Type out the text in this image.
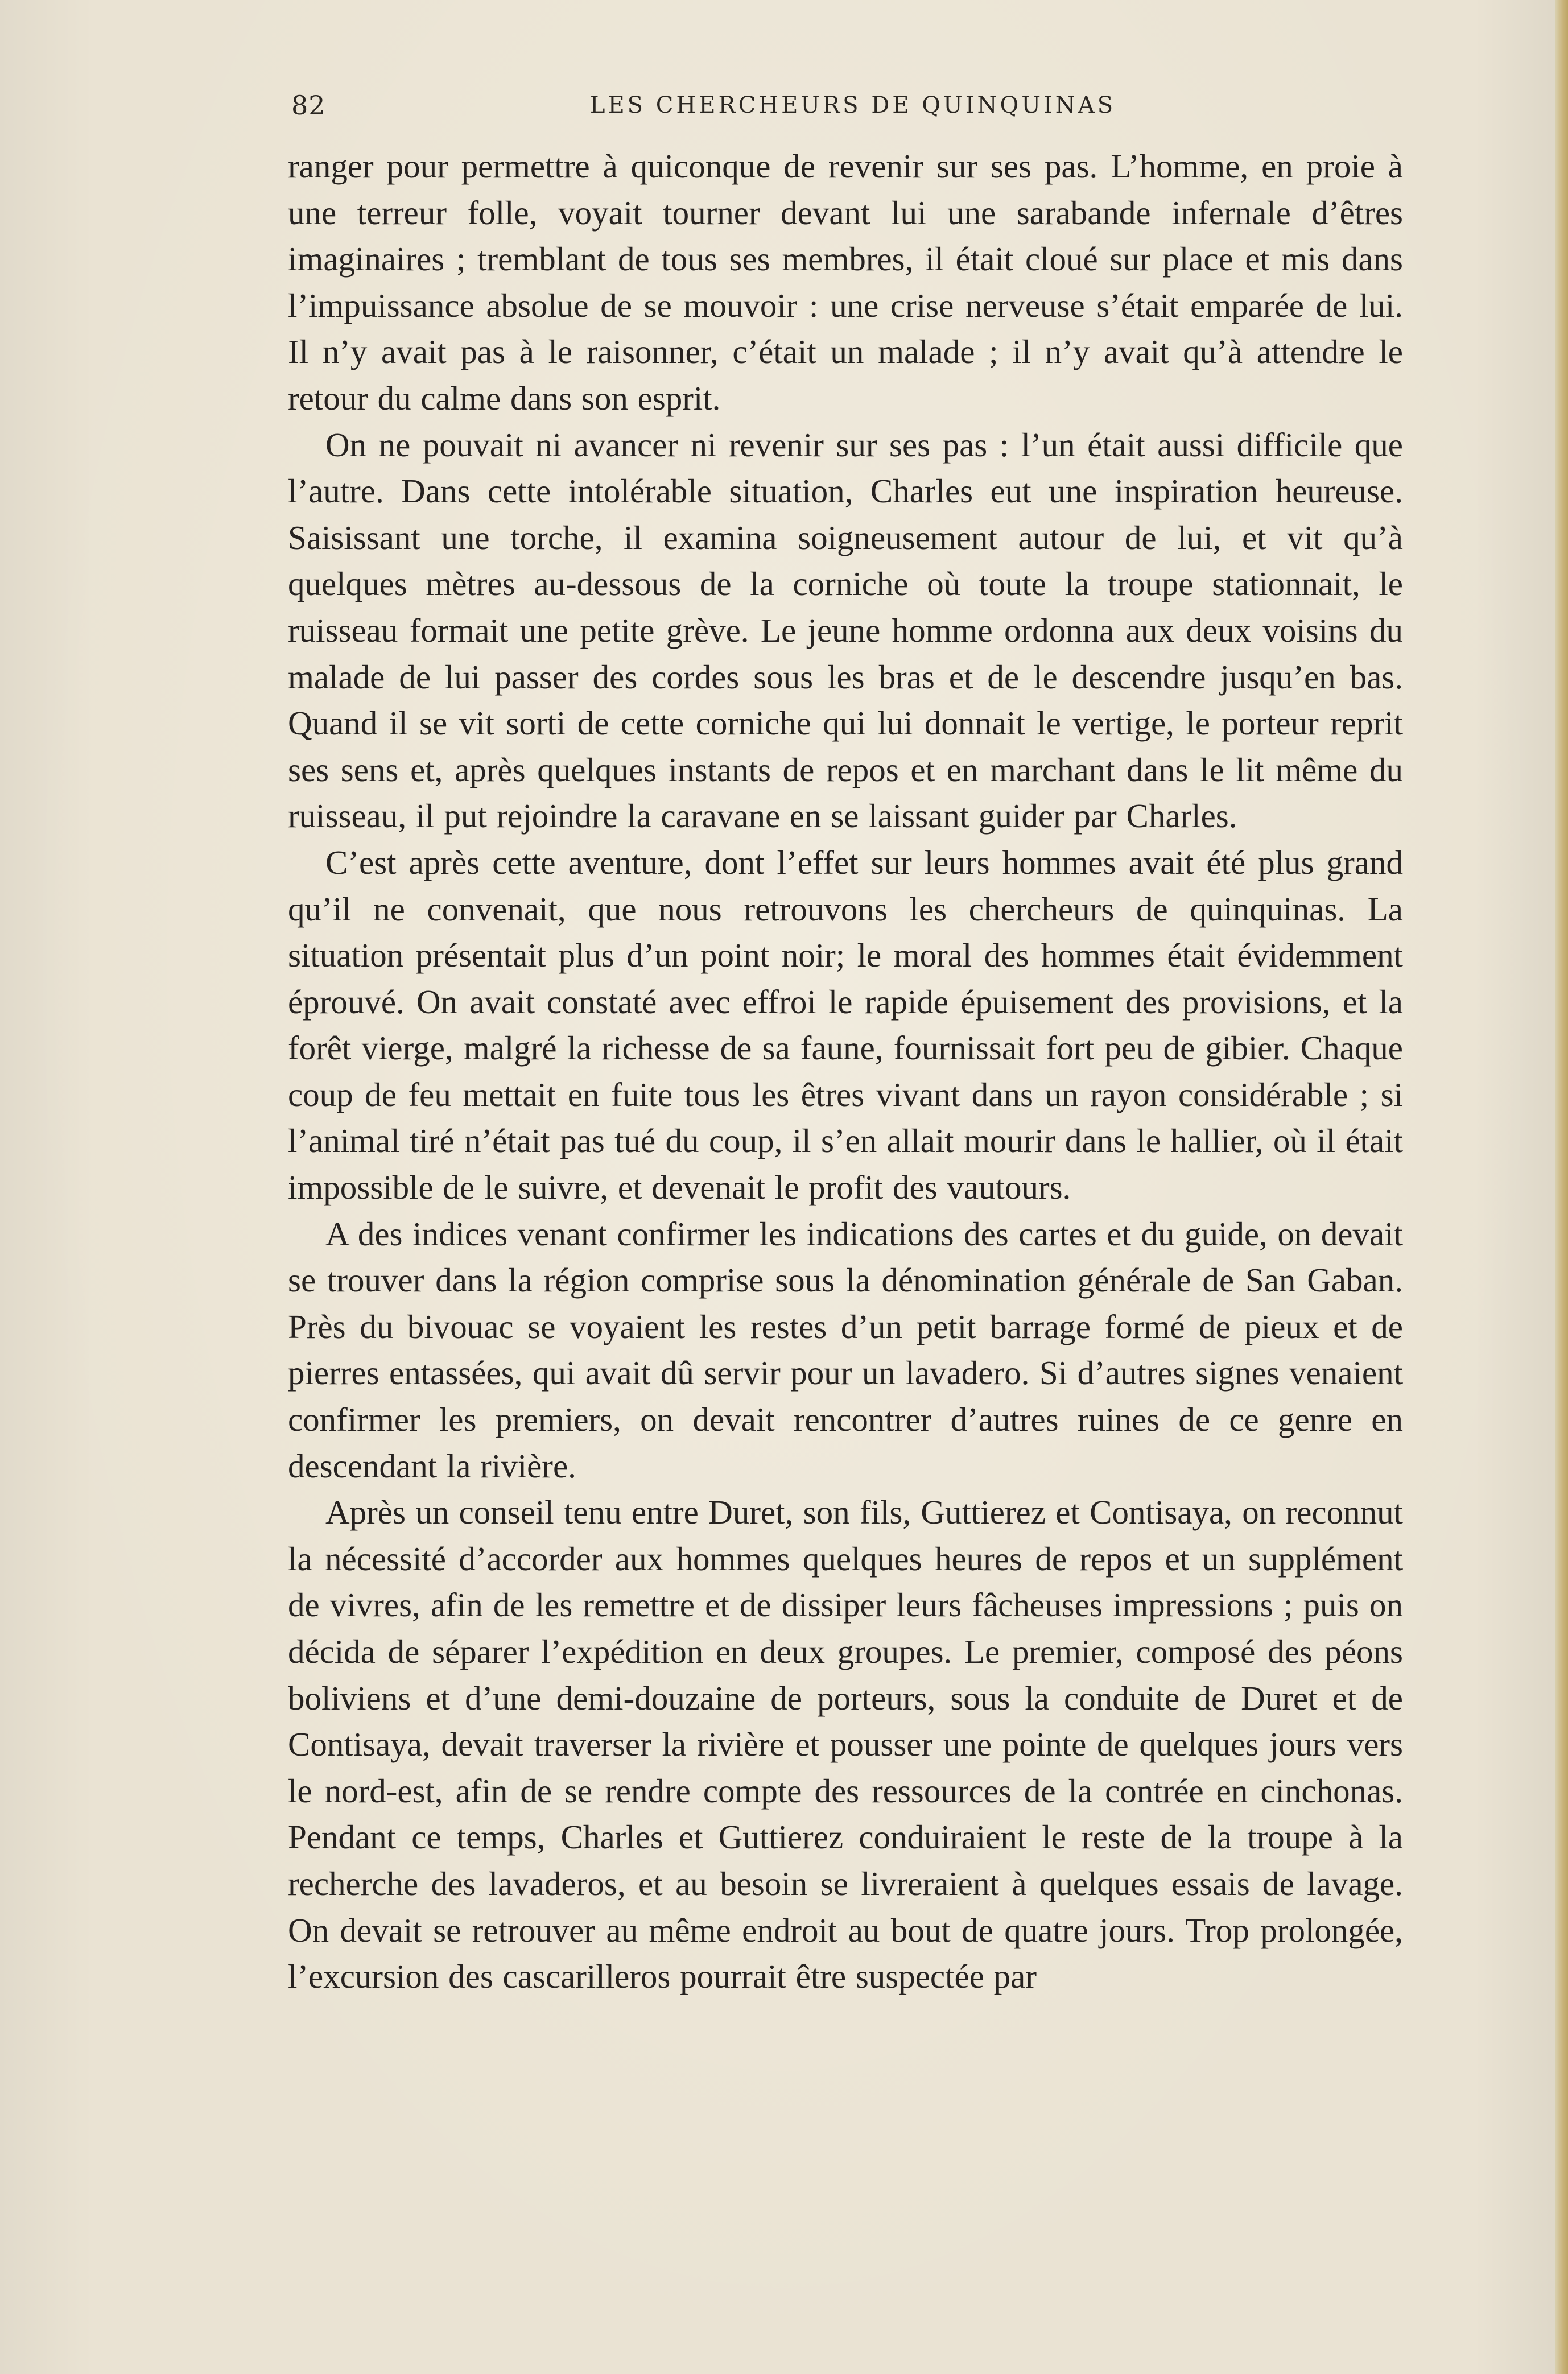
82	LES CHERCHEURS DE QUINQUINAS

ranger pour permettre à quiconque de revenir sur ses pas. L’homme, en proie à une terreur folle, voyait tourner devant lui une sarabande infernale d’êtres imaginaires ; tremblant de tous ses membres, il était cloué sur place et mis dans l’impuissance absolue de se mouvoir : une crise nerveuse s’était emparée de lui. Il n’y avait pas à le raisonner, c’était un malade ; il n’y avait qu’à attendre le retour du calme dans son esprit.

On ne pouvait ni avancer ni revenir sur ses pas : l’un était aussi difficile que l’autre. Dans cette intolérable situation, Charles eut une inspiration heureuse. Saisissant une torche, il examina soigneusement autour de lui, et vit qu’à quelques mètres au-dessous de la corniche où toute la troupe stationnait, le ruisseau formait une petite grève. Le jeune homme ordonna aux deux voisins du malade de lui passer des cordes sous les bras et de le descendre jusqu’en bas. Quand il se vit sorti de cette corniche qui lui donnait le vertige, le porteur reprit ses sens et, après quelques instants de repos et en marchant dans le lit même du ruisseau, il put rejoindre la caravane en se laissant guider par Charles.

C’est après cette aventure, dont l’effet sur leurs hommes avait été plus grand qu’il ne convenait, que nous retrouvons les chercheurs de quinquinas. La situation présentait plus d’un point noir; le moral des hommes était évidemment éprouvé. On avait constaté avec effroi le rapide épuisement des provisions, et la forêt vierge, malgré la richesse de sa faune, fournissait fort peu de gibier. Chaque coup de feu mettait en fuite tous les êtres vivant dans un rayon considérable ; si l’animal tiré n’était pas tué du coup, il s’en allait mourir dans le hallier, où il était impossible de le suivre, et devenait le profit des vautours.

A des indices venant confirmer les indications des cartes et du guide, on devait se trouver dans la région comprise sous la dénomination générale de San Gaban. Près du bivouac se voyaient les restes d’un petit barrage formé de pieux et de pierres entassées, qui avait dû servir pour un lavadero. Si d’autres signes venaient confirmer les premiers, on devait rencontrer d’autres ruines de ce genre en descendant la rivière.

Après un conseil tenu entre Duret, son fils, Guttierez et Contisaya, on reconnut la nécessité d’accorder aux hommes quelques heures de repos et un supplément de vivres, afin de les remettre et de dissiper leurs fâcheuses impressions ; puis on décida de séparer l’expédition en deux groupes. Le premier, composé des péons boliviens et d’une demi-douzaine de porteurs, sous la conduite de Duret et de Contisaya, devait traverser la rivière et pousser une pointe de quelques jours vers le nord-est, afin de se rendre compte des ressources de la contrée en cinchonas. Pendant ce temps, Charles et Guttierez conduiraient le reste de la troupe à la recherche des lavaderos, et au besoin se livreraient à quelques essais de lavage. On devait se retrouver au même endroit au bout de quatre jours. Trop prolongée, l’excursion des cascarilleros pourrait être suspectée par
